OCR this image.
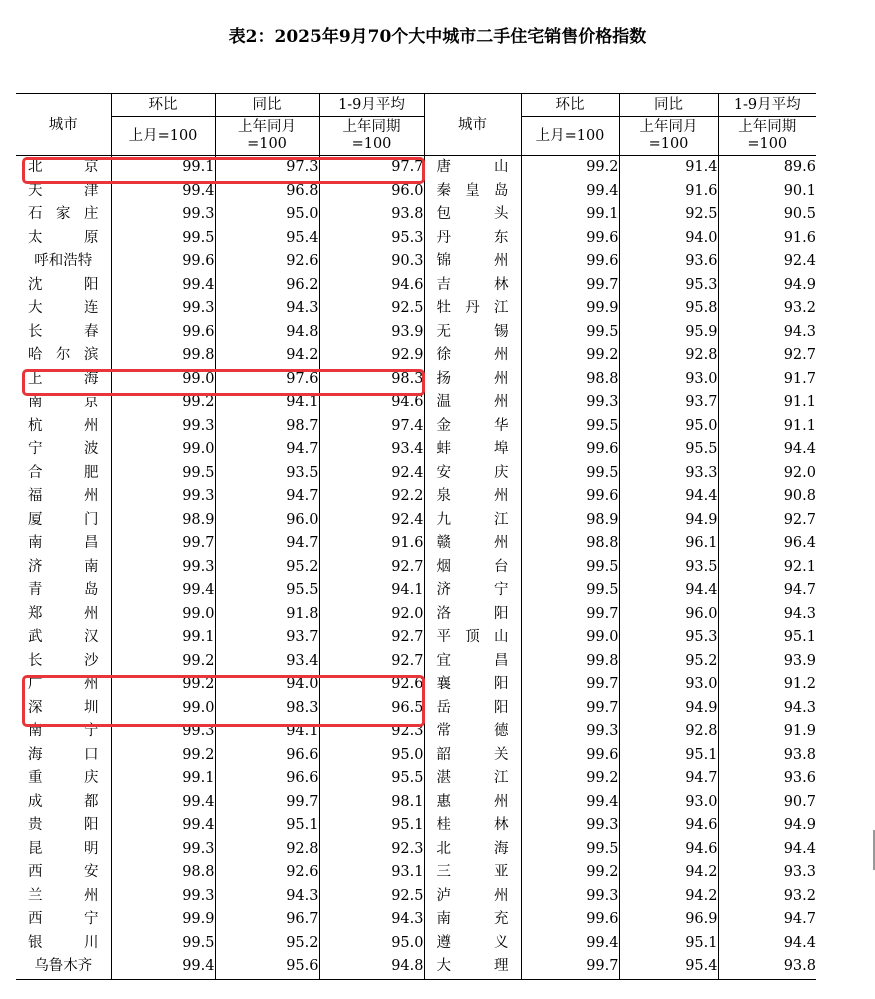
表2：2025年9月70个大中城市二手住宅销售价格指数
城市	环比	同比	1-9月平均	城市	环比	同比	1-9月平均
	上月=100	上年同月=100	上年同期=100		上月=100	上年同月=100	上年同期=100

北 京	99.1	97.3	97.7	唐 山	99.2	91.4	89.6

天 津	99.4	96.8	96.0	秦 皇 岛	99.4	91.6	90.1

石 家 庄	99.3	95.0	93.8	包 头	99.1	92.5	90.5

太 原	99.5	95.4	95.3	丹 东	99.6	94.0	91.6

呼和浩特	99.6	92.6	90.3	锦 州	99.6	93.6	92.4

沈 阳	99.4	96.2	94.6	吉 林	99.7	95.3	94.9

大 连	99.3	94.3	92.5	牡 丹 江	99.9	95.8	93.2

长 春	99.6	94.8	93.9	无 锡	99.5	95.9	94.3

哈 尔 滨	99.8	94.2	92.9	徐 州	99.2	92.8	92.7

上 海	99.0	97.6	98.3	扬 州	98.8	93.0	91.7

南 京	99.2	94.1	94.6	温 州	99.3	93.7	91.1

杭 州	99.3	98.7	97.4	金 华	99.5	95.0	91.1

宁 波	99.0	94.7	93.4	蚌 埠	99.6	95.5	94.4

合 肥	99.5	93.5	92.4	安 庆	99.5	93.3	92.0

福 州	99.3	94.7	92.2	泉 州	99.6	94.4	90.8

厦 门	98.9	96.0	92.4	九 江	98.9	94.9	92.7

南 昌	99.7	94.7	91.6	赣 州	98.8	96.1	96.4

济 南	99.3	95.2	92.7	烟 台	99.5	93.5	92.1

青 岛	99.4	95.5	94.1	济 宁	99.5	94.4	94.7

郑 州	99.0	91.8	92.0	洛 阳	99.7	96.0	94.3

武 汉	99.1	93.7	92.7	平 顶 山	99.0	95.3	95.1

长 沙	99.2	93.4	92.7	宜 昌	99.8	95.2	93.9

广 州	99.2	94.0	92.6	襄 阳	99.7	93.0	91.2

深 圳	99.0	98.3	96.5	岳 阳	99.7	94.9	94.3

南 宁	99.3	94.1	92.3	常 德	99.3	92.8	91.9

海 口	99.2	96.6	95.0	韶 关	99.6	95.1	93.8

重 庆	99.1	96.6	95.5	湛 江	99.2	94.7	93.6

成 都	99.4	99.7	98.1	惠 州	99.4	93.0	90.7

贵 阳	99.4	95.1	95.1	桂 林	99.3	94.6	94.9

昆 明	99.3	92.8	92.3	北 海	99.5	94.6	94.4

西 安	98.8	92.6	93.1	三 亚	99.2	94.2	93.3

兰 州	99.3	94.3	92.5	泸 州	99.3	94.2	93.2

西 宁	99.9	96.7	94.3	南 充	99.6	96.9	94.7

银 川	99.5	95.2	95.0	遵 义	99.4	95.1	94.4

乌鲁木齐	99.4	95.6	94.8	大 理	99.7	95.4	93.8
